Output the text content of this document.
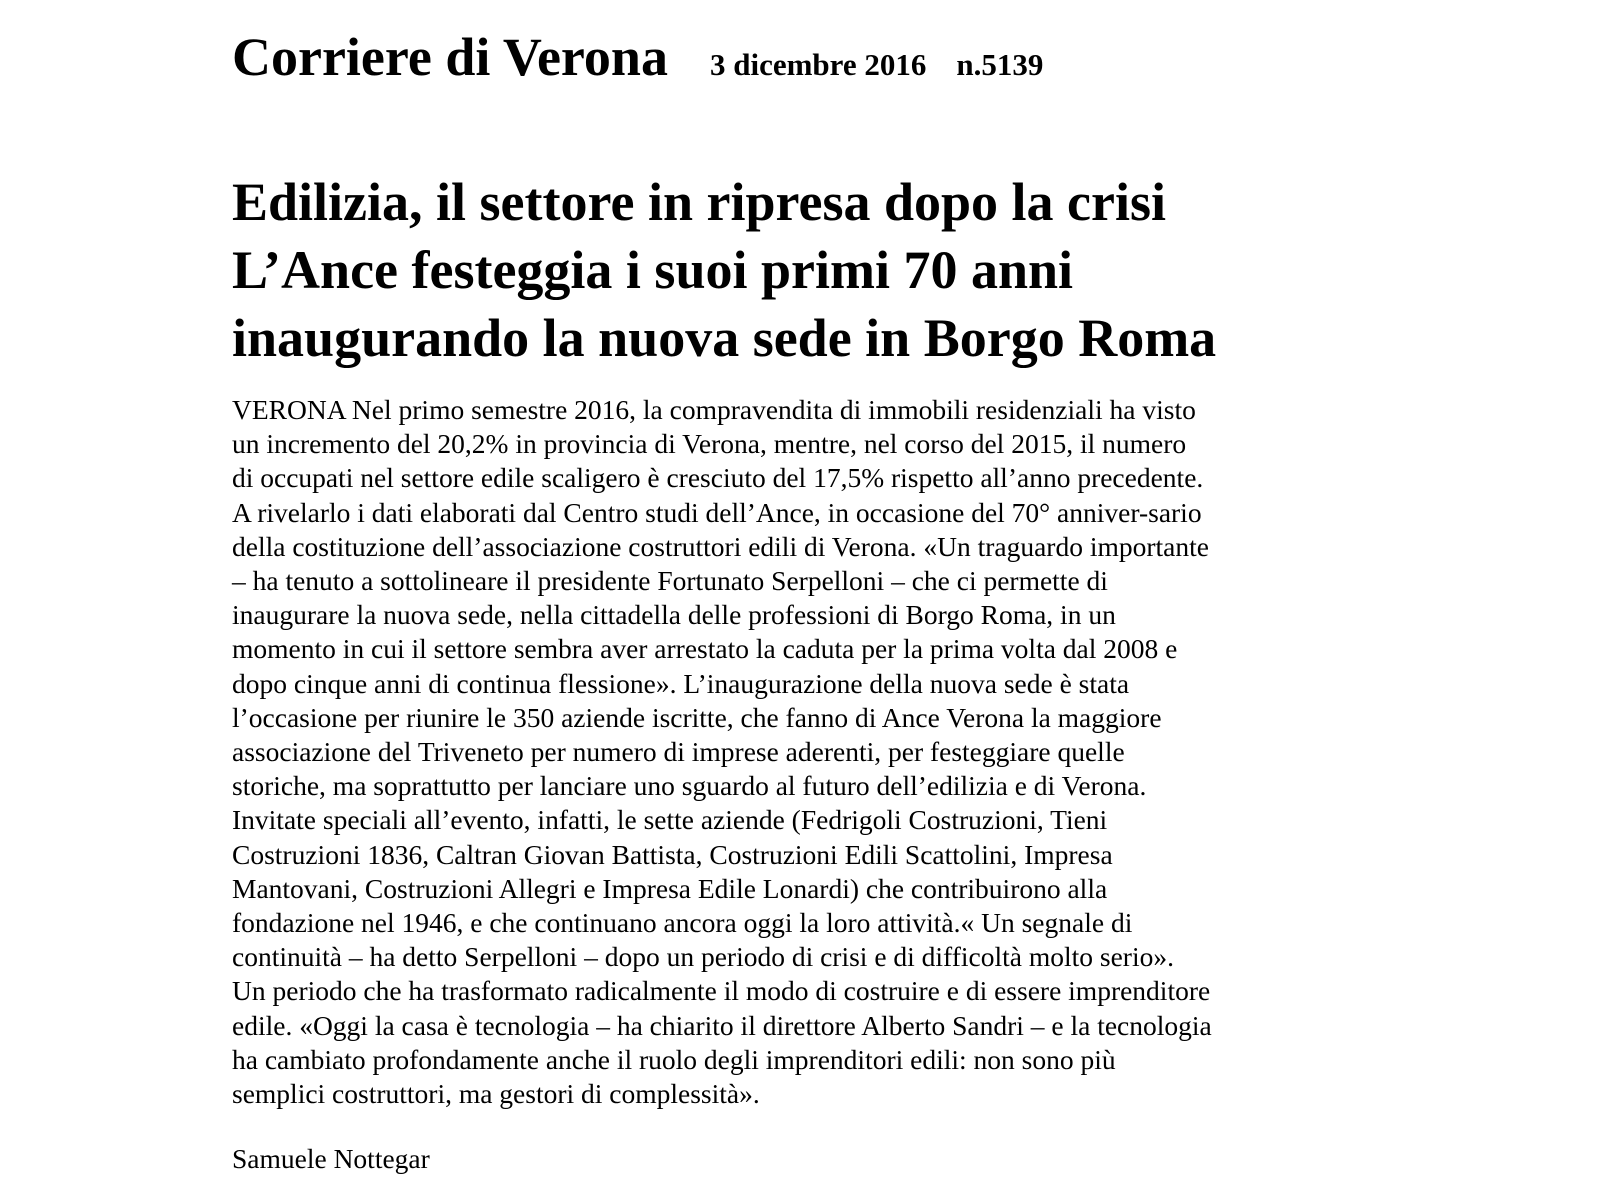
Corriere di Verona 3 dicembre 2016 n.5139
Edilizia, il settore in ripresa dopo la crisi
L’Ance festeggia i suoi primi 70 anni
inaugurando la nuova sede in Borgo Roma
VERONA Nel primo semestre 2016, la compravendita di immobili residenziali ha visto
un incremento del 20,2% in provincia di Verona, mentre, nel corso del 2015, il numero
di occupati nel settore edile scaligero è cresciuto del 17,5% rispetto all’anno precedente.
A rivelarlo i dati elaborati dal Centro studi dell’Ance, in occasione del 70° anniver-sario
della costituzione dell’associazione costruttori edili di Verona. «Un traguardo importante
– ha tenuto a sottolineare il presidente Fortunato Serpelloni – che ci permette di
inaugurare la nuova sede, nella cittadella delle professioni di Borgo Roma, in un
momento in cui il settore sembra aver arrestato la caduta per la prima volta dal 2008 e
dopo cinque anni di continua flessione». L’inaugurazione della nuova sede è stata
l’occasione per riunire le 350 aziende iscritte, che fanno di Ance Verona la maggiore
associazione del Triveneto per numero di imprese aderenti, per festeggiare quelle
storiche, ma soprattutto per lanciare uno sguardo al futuro dell’edilizia e di Verona.
Invitate speciali all’evento, infatti, le sette aziende (Fedrigoli Costruzioni, Tieni
Costruzioni 1836, Caltran Giovan Battista, Costruzioni Edili Scattolini, Impresa
Mantovani, Costruzioni Allegri e Impresa Edile Lonardi) che contribuirono alla
fondazione nel 1946, e che continuano ancora oggi la loro attività.« Un segnale di
continuità – ha detto Serpelloni – dopo un periodo di crisi e di difficoltà molto serio».
Un periodo che ha trasformato radicalmente il modo di costruire e di essere imprenditore
edile. «Oggi la casa è tecnologia – ha chiarito il direttore Alberto Sandri – e la tecnologia
ha cambiato profondamente anche il ruolo degli imprenditori edili: non sono più
semplici costruttori, ma gestori di complessità».
Samuele Nottegar
